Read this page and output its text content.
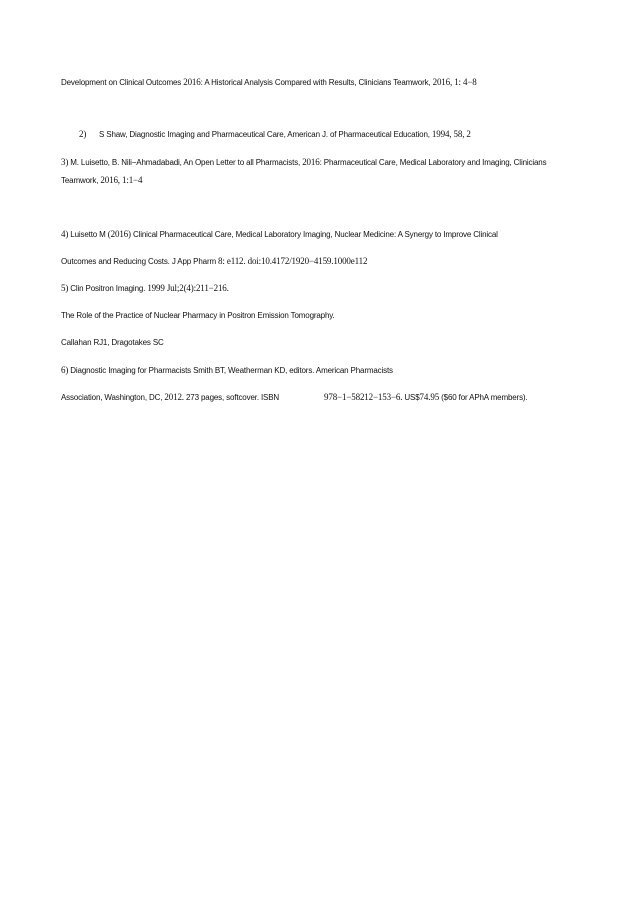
Development on Clinical Outcomes 2016: A Historical Analysis Compared with Results, Clinicians Teamwork, 2016, 1: 4−8
2) S Shaw, Diagnostic Imaging and Pharmaceutical Care, American J. of Pharmaceutical Education, 1994, 58, 2
3) M. Luisetto, B. Nili−Ahmadabadi, An Open Letter to all Pharmacists, 2016: Pharmaceutical Care, Medical Laboratory and Imaging, Clinicians
Teamwork, 2016, 1:1−4
4) Luisetto M (2016) Clinical Pharmaceutical Care, Medical Laboratory Imaging, Nuclear Medicine: A Synergy to Improve Clinical
Outcomes and Reducing Costs. J App Pharm 8: e112. doi:10.4172/1920−4159.1000e112
5) Clin Positron Imaging. 1999 Jul;2(4):211−216.
The Role of the Practice of Nuclear Pharmacy in Positron Emission Tomography.
Callahan RJ1, Dragotakes SC
6) Diagnostic Imaging for Pharmacists Smith BT, Weatherman KD, editors. American Pharmacists
Association, Washington, DC, 2012. 273 pages, softcover. ISBN	978−1−58212−153−6. US$74.95 ($60 for APhA members).
